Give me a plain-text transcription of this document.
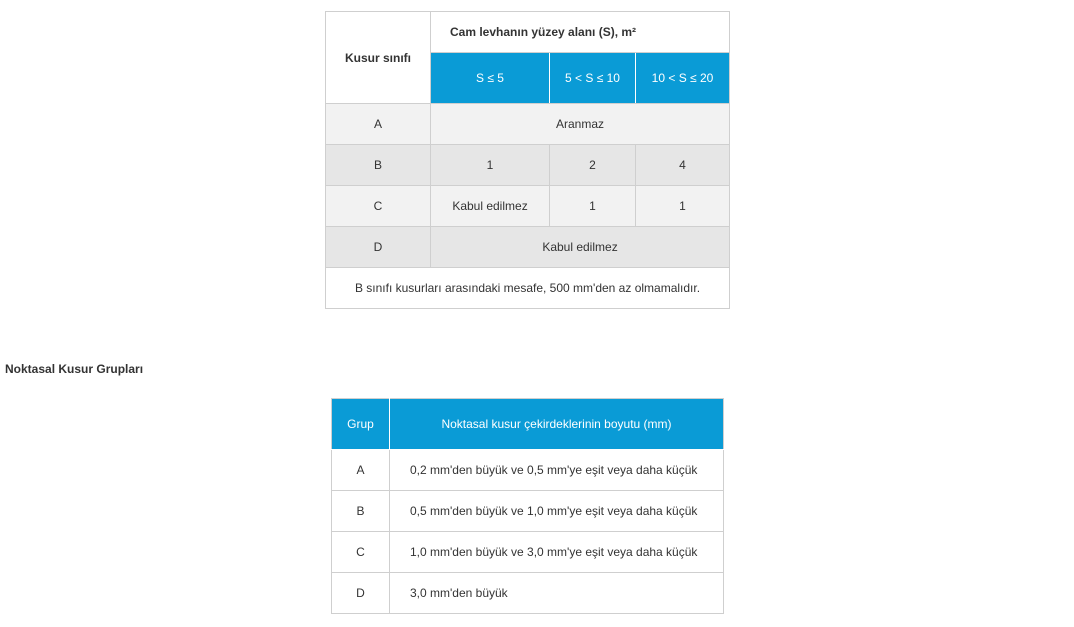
Kusur sınıfı	Cam levhanın yüzey alanı (S), m²		
	S ≤ 5	5 < S ≤ 10	10 < S ≤ 20
A	Aranmaz		
B	1	2	4
C	Kabul edilmez	1	1
D	Kabul edilmez		
B sınıfı kusurları arasındaki mesafe, 500 mm'den az olmamalıdır.			
Noktasal Kusur Grupları
Grup	Noktasal kusur çekirdeklerinin boyutu (mm)
A	0,2 mm'den büyük ve 0,5 mm'ye eşit veya daha küçük
B	0,5 mm'den büyük ve 1,0 mm'ye eşit veya daha küçük
C	1,0 mm'den büyük ve 3,0 mm'ye eşit veya daha küçük
D	3,0 mm'den büyük
